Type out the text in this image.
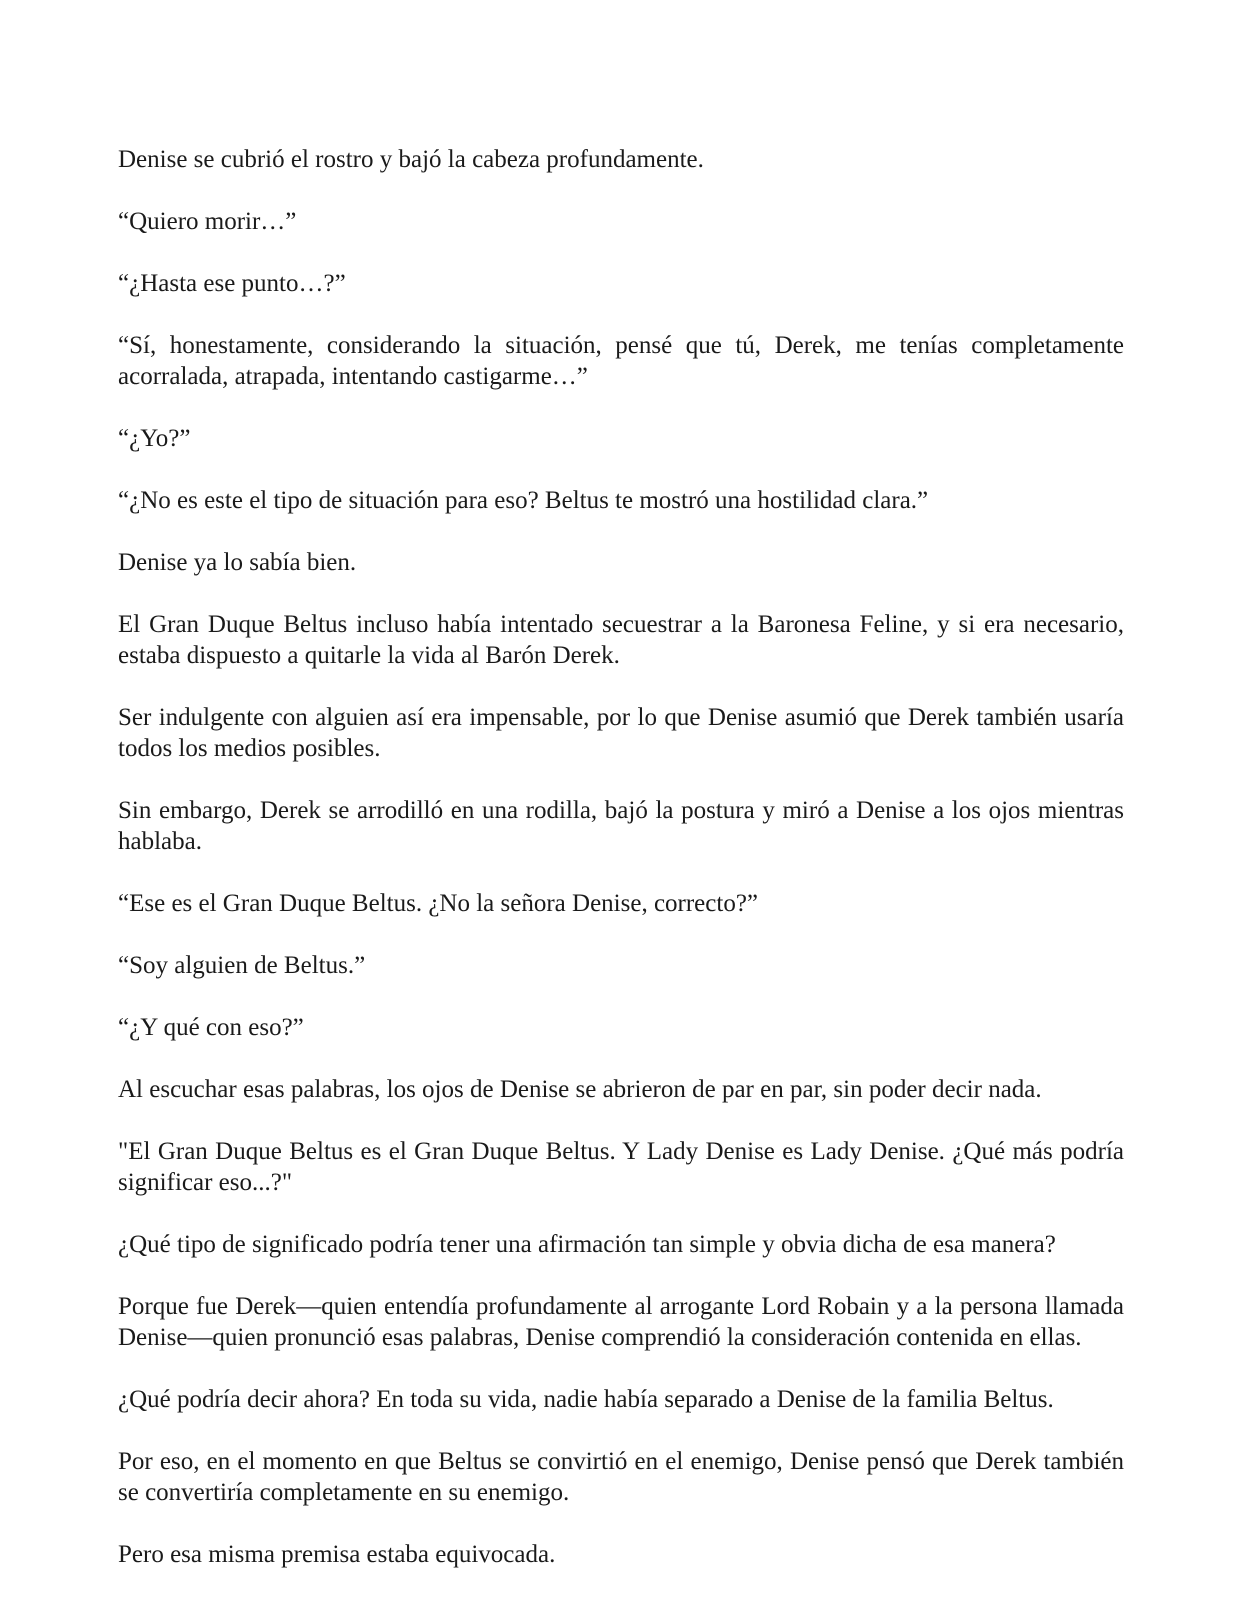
Denise se cubrió el rostro y bajó la cabeza profundamente.

“Quiero morir…”

“¿Hasta ese punto…?”

“Sí, honestamente, considerando la situación, pensé que tú, Derek, me tenías completamente acorralada, atrapada, intentando castigarme…”

“¿Yo?”

“¿No es este el tipo de situación para eso? Beltus te mostró una hostilidad clara.”

Denise ya lo sabía bien.

El Gran Duque Beltus incluso había intentado secuestrar a la Baronesa Feline, y si era necesario, estaba dispuesto a quitarle la vida al Barón Derek.

Ser indulgente con alguien así era impensable, por lo que Denise asumió que Derek también usaría todos los medios posibles.

Sin embargo, Derek se arrodilló en una rodilla, bajó la postura y miró a Denise a los ojos mientras hablaba.

“Ese es el Gran Duque Beltus. ¿No la señora Denise, correcto?”

“Soy alguien de Beltus.”

“¿Y qué con eso?”

Al escuchar esas palabras, los ojos de Denise se abrieron de par en par, sin poder decir nada.

"El Gran Duque Beltus es el Gran Duque Beltus. Y Lady Denise es Lady Denise. ¿Qué más podría significar eso...?"

¿Qué tipo de significado podría tener una afirmación tan simple y obvia dicha de esa manera?

Porque fue Derek—quien entendía profundamente al arrogante Lord Robain y a la persona llamada Denise—quien pronunció esas palabras, Denise comprendió la consideración contenida en ellas.

¿Qué podría decir ahora? En toda su vida, nadie había separado a Denise de la familia Beltus.

Por eso, en el momento en que Beltus se convirtió en el enemigo, Denise pensó que Derek también se convertiría completamente en su enemigo.

Pero esa misma premisa estaba equivocada.
